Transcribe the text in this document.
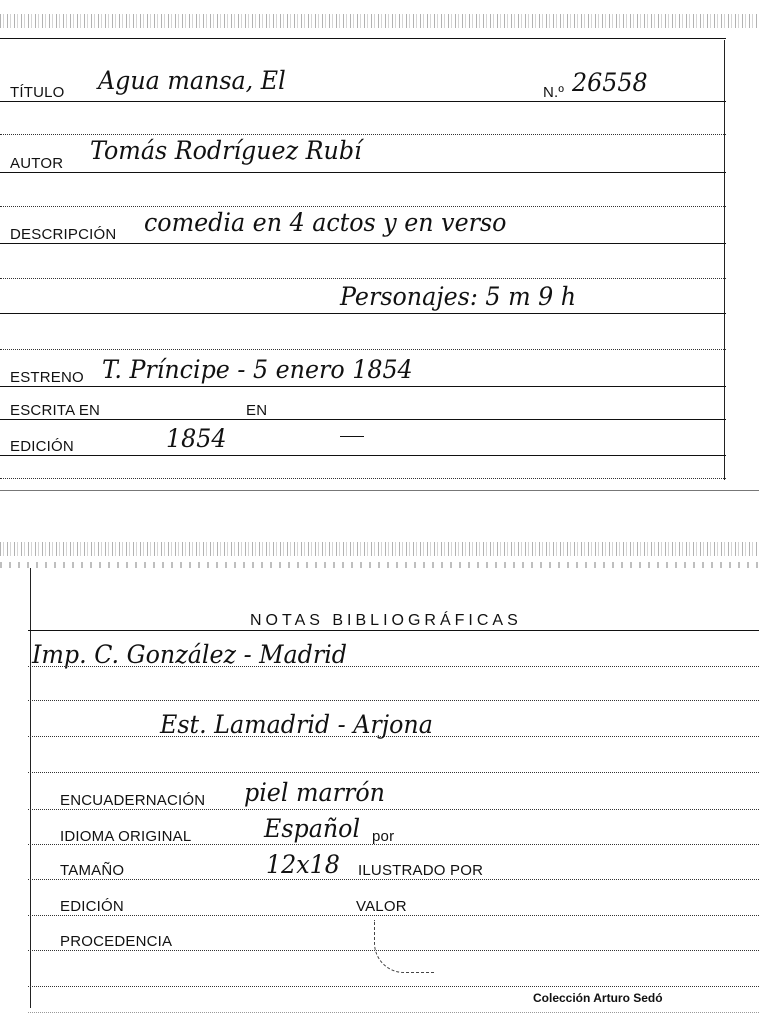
TÍTULO Agua mansa, El	N.º 26558
AUTOR Tomás Rodríguez Rubí
DESCRIPCIÓN comedia en 4 actos y en verso
Personajes: 5 m 9 h
ESTRENO T. Príncipe - 5 enero 1854
ESCRITA EN	EN
EDICIÓN	1854
NOTAS BIBLIOGRÁFICAS
Imp. C. González - Madrid
Est. Lamadrid - Arjona
ENCUADERNACIÓN piel marrón
IDIOMA ORIGINAL	Español por
TAMAÑO	12x18 ILUSTRADO POR
EDICIÓN	VALOR
PROCEDENCIA
Colección Arturo Sedó
